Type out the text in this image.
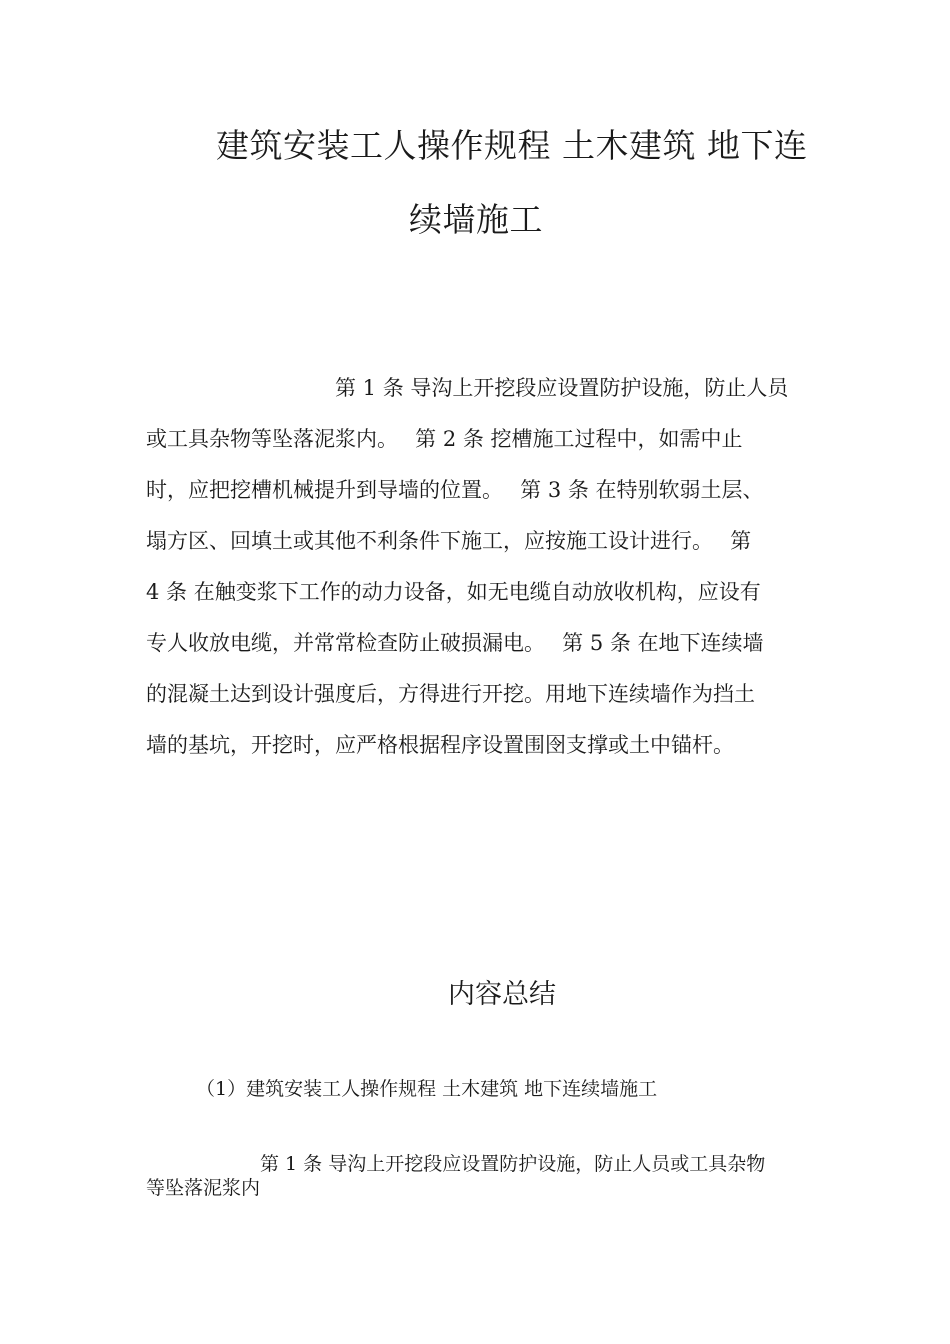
建筑安装工人操作规程 土木建筑 地下连
续墙施工
　　　　　　　　　第 1 条 导沟上开挖段应设置防护设施，防止人员
或工具杂物等坠落泥浆内。　 第 2 条 挖槽施工过程中，如需中止
时，应把挖槽机械提升到导墙的位置。　 第 3 条 在特别软弱土层、
塌方区、回填土或其他不利条件下施工，应按施工设计进行。　 第
4 条 在触变浆下工作的动力设备，如无电缆自动放收机构，应设有
专人收放电缆，并常常检查防止破损漏电。　 第 5 条 在地下连续墙
的混凝土达到设计强度后，方得进行开挖。用地下连续墙作为挡土
墙的基坑，开挖时，应严格根据程序设置围囹支撑或土中锚杆。
内容总结
（1）建筑安装工人操作规程 土木建筑 地下连续墙施工
　　　　　　第 1 条 导沟上开挖段应设置防护设施，防止人员或工具杂物
等坠落泥浆内
